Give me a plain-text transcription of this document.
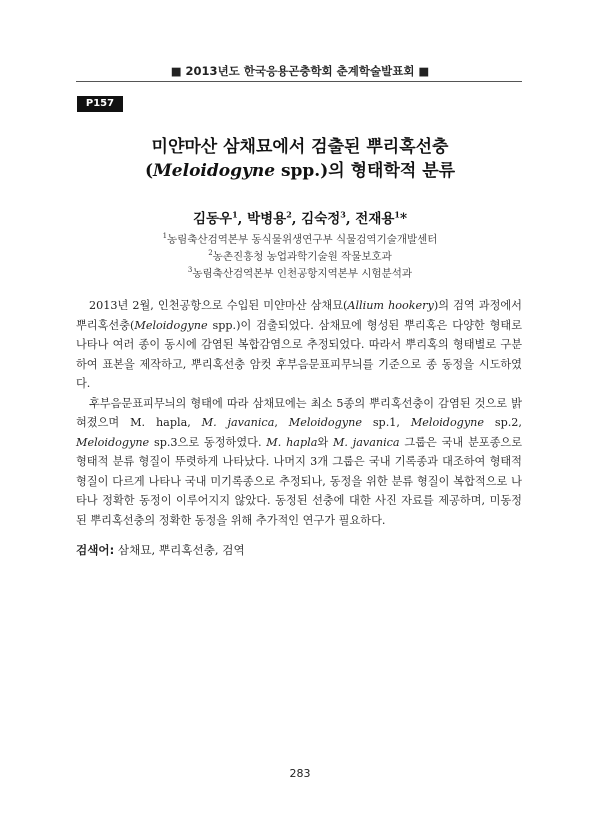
■ 2013년도 한국응용곤충학회 춘계학술발표회 ■
P157
미얀마산 삼채묘에서 검출된 뿌리혹선충
(Meloidogyne spp.)의 형태학적 분류
김동우$^1$, 박병용$^2$, 김숙정$^3$, 전재용$^1$*
$^1$농림축산검역본부 동식물위생연구부 식물검역기술개발센터
$^2$농촌진흥청 농업과학기술원 작물보호과
$^3$농림축산검역본부 인천공항지역본부 시험분석과

2013년 2월, 인천공항으로 수입된 미얀마산 삼채묘(Allium hookery)의 검역 과정에서 뿌리혹선충(Meloidogyne spp.)이 검출되었다. 삼채묘에 형성된 뿌리혹은 다양한 형태로 나타나 여러 종이 동시에 감염된 복합감염으로 추정되었다. 따라서 뿌리혹의 형태별로 구분하여 표본을 제작하고, 뿌리혹선충 암컷 후부음문표피무늬를 기준으로 종 동정을 시도하였다.

후부음문표피무늬의 형태에 따라 삼채묘에는 최소 5종의 뿌리혹선충이 감염된 것으로 밝혀졌으며 M. hapla, M. javanica, Meloidogyne sp.1, Meloidogyne sp.2, Meloidogyne sp.3으로 동정하였다. M. hapla와 M. javanica 그룹은 국내 분포종으로 형태적 분류 형질이 뚜렷하게 나타났다. 나머지 3개 그룹은 국내 기록종과 대조하여 형태적 형질이 다르게 나타나 국내 미기록종으로 추정되나, 동정을 위한 분류 형질이 복합적으로 나타나 정확한 동정이 이루어지지 않았다. 동정된 선충에 대한 사진 자료를 제공하며, 미동정된 뿌리혹선충의 정확한 동정을 위해 추가적인 연구가 필요하다.

검색어: 삼채묘, 뿌리혹선충, 검역
283
